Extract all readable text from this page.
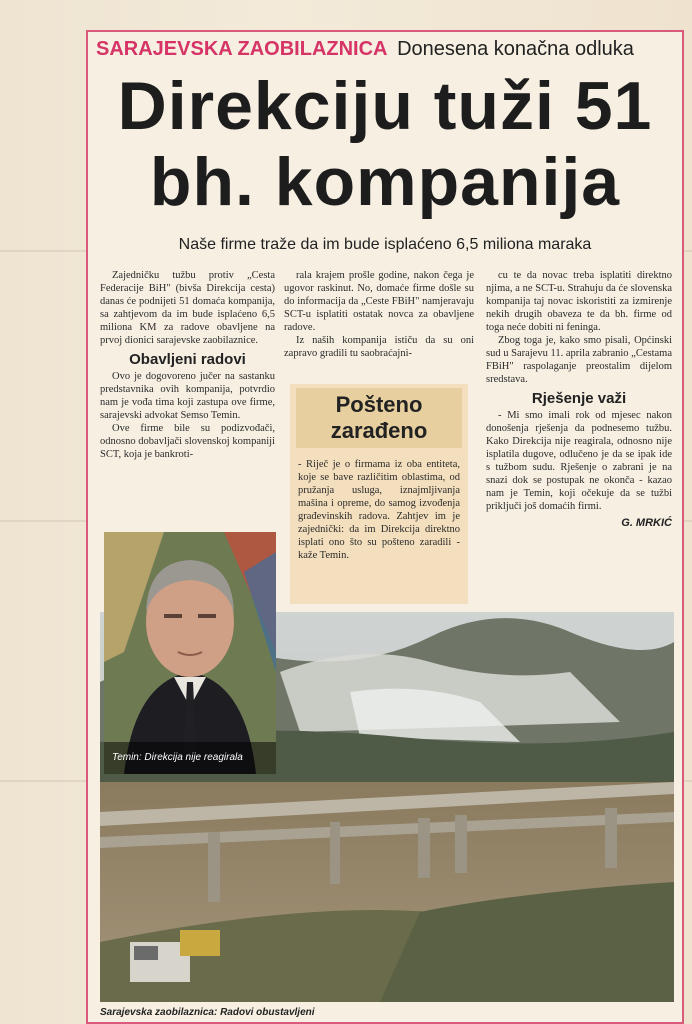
SARAJEVSKA ZAOBILAZNICA Donesena konačna odluka
Direkciju tuži 51
bh. kompanija
Naše firme traže da im bude isplaćeno 6,5 miliona maraka

Zajedničku tužbu protiv „Cesta Federacije BiH" (bivša Direkcija cesta) danas će podnijeti 51 domaća kompanija, sa zahtjevom da im bude isplaćeno 6,5 miliona KM za radove obavljene na prvoj dionici sarajevske zaobilaznice.

Obavljeni radovi

Ovo je dogovoreno jučer na sastanku predstavnika ovih kompanija, potvrdio nam je vođa tima koji zastupa ove firme, sarajevski advokat Semso Temin.

Ove firme bile su podizvođači, odnosno dobavljači slovenskoj kompaniji SCT, koja je bankroti-

rala krajem prošle godine, nakon čega je ugovor raskinut. No, domaće firme došle su do informacija da „Ceste FBiH" namjeravaju SCT-u isplatiti ostatak novca za obavljene radove.

Iz naših kompanija ističu da su oni zapravo gradili tu saobraćajni-

Pošteno zarađeno
- Riječ je o firmama iz oba entiteta, koje se bave različitim oblastima, od pružanja usluga, iznajmljivanja mašina i opreme, do samog izvođenja građevinskih radova. Zahtjev im je zajednički: da im Direkcija direktno isplati ono što su pošteno zaradili - kaže Temin.

cu te da novac treba isplatiti direktno njima, a ne SCT-u. Strahuju da će slovenska kompanija taj novac iskoristiti za izmirenje nekih drugih obaveza te da bh. firme od toga neće dobiti ni feninga.

Zbog toga je, kako smo pisali, Općinski sud u Sarajevu 11. aprila zabranio „Cestama FBiH" raspolaganje preostalim dijelom sredstava.

Rješenje važi

- Mi smo imali rok od mjesec nakon donošenja rješenja da podnesemo tužbu. Kako Direkcija nije reagirala, odnosno nije isplatila dugove, odlučeno je da se ipak ide s tužbom sudu. Rješenje o zabrani je na snazi dok se postupak ne okonča - kazao nam je Temin, koji očekuje da se tužbi priključi još domaćih firmi.

G. MRKIĆ
Temin: Direkcija nije reagirala
Sarajevska zaobilaznica: Radovi obustavljeni
